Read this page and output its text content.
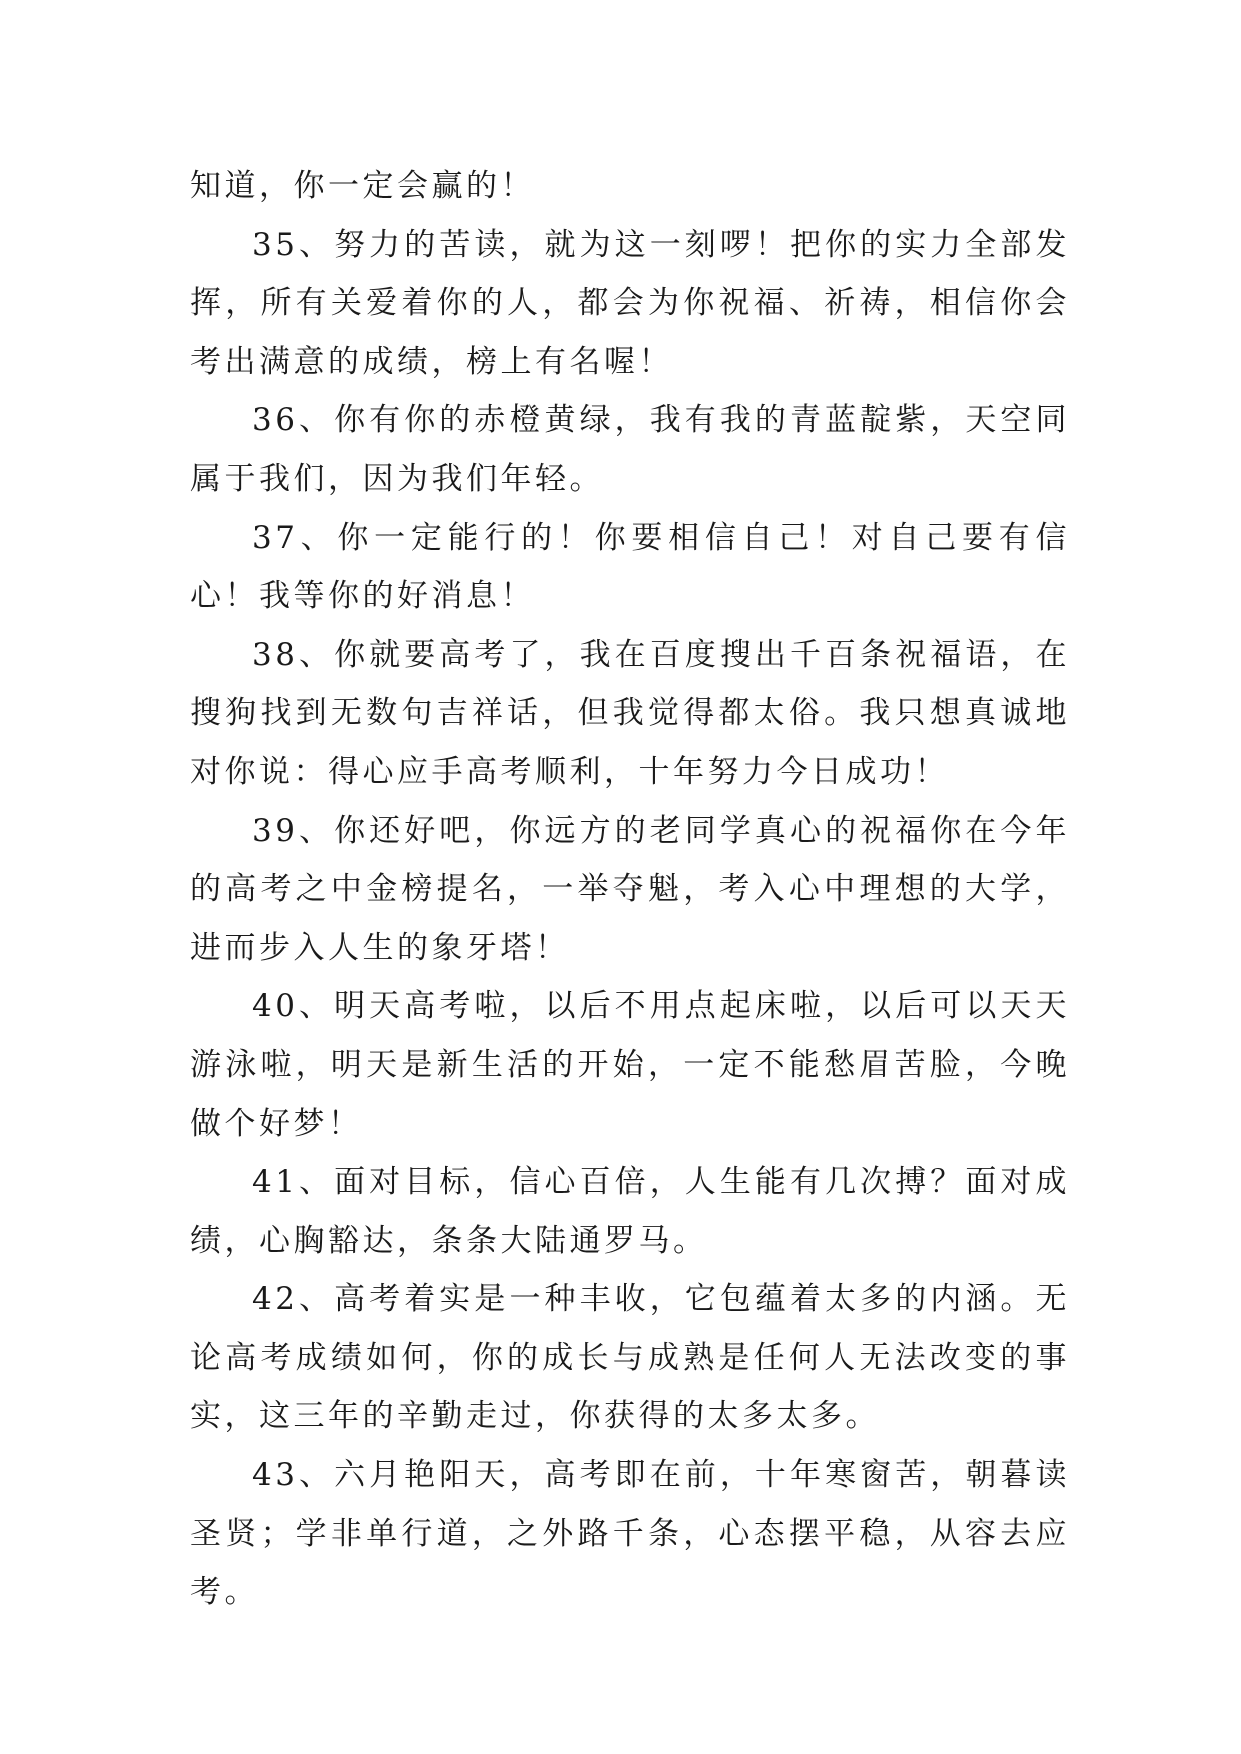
知道，你一定会赢的！

35、努力的苦读，就为这一刻啰！把你的实力全部发挥，所有关爱着你的人，都会为你祝福、祈祷，相信你会考出满意的成绩，榜上有名喔！

36、你有你的赤橙黄绿，我有我的青蓝靛紫，天空同属于我们，因为我们年轻。

37、你一定能行的！你要相信自己！对自己要有信心！我等你的好消息！

38、你就要高考了，我在百度搜出千百条祝福语，在搜狗找到无数句吉祥话，但我觉得都太俗。我只想真诚地对你说：得心应手高考顺利，十年努力今日成功！

39、你还好吧，你远方的老同学真心的祝福你在今年的高考之中金榜提名，一举夺魁，考入心中理想的大学，进而步入人生的象牙塔！

40、明天高考啦，以后不用点起床啦，以后可以天天游泳啦，明天是新生活的开始，一定不能愁眉苦脸，今晚做个好梦！

41、面对目标，信心百倍，人生能有几次搏？面对成绩，心胸豁达，条条大陆通罗马。

42、高考着实是一种丰收，它包蕴着太多的内涵。无论高考成绩如何，你的成长与成熟是任何人无法改变的事实，这三年的辛勤走过，你获得的太多太多。

43、六月艳阳天，高考即在前，十年寒窗苦，朝暮读圣贤；学非单行道，之外路千条，心态摆平稳，从容去应考。
